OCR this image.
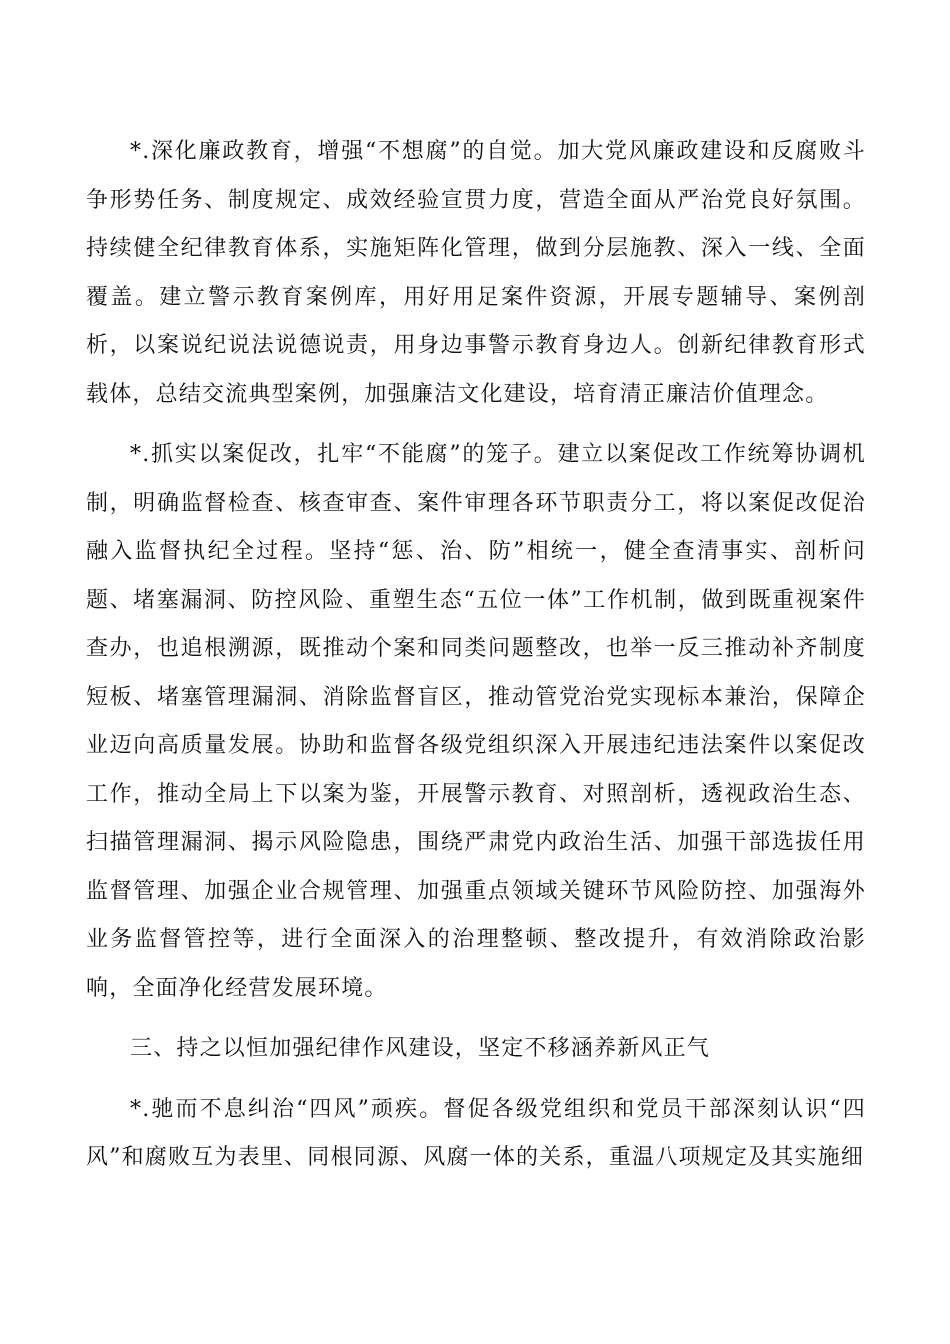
*.深化廉政教育，增强“不想腐”的自觉。加大党风廉政建设和反腐败斗争形势任务、制度规定、成效经验宣贯力度，营造全面从严治党良好氛围。持续健全纪律教育体系，实施矩阵化管理，做到分层施教、深入一线、全面覆盖。建立警示教育案例库，用好用足案件资源，开展专题辅导、案例剖析，以案说纪说法说德说责，用身边事警示教育身边人。创新纪律教育形式载体，总结交流典型案例，加强廉洁文化建设，培育清正廉洁价值理念。

*.抓实以案促改，扎牢“不能腐”的笼子。建立以案促改工作统筹协调机制，明确监督检查、核查审查、案件审理各环节职责分工，将以案促改促治融入监督执纪全过程。坚持“惩、治、防”相统一，健全查清事实、剖析问题、堵塞漏洞、防控风险、重塑生态“五位一体”工作机制，做到既重视案件查办，也追根溯源，既推动个案和同类问题整改，也举一反三推动补齐制度短板、堵塞管理漏洞、消除监督盲区，推动管党治党实现标本兼治，保障企业迈向高质量发展。协助和监督各级党组织深入开展违纪违法案件以案促改工作，推动全局上下以案为鉴，开展警示教育、对照剖析，透视政治生态、扫描管理漏洞、揭示风险隐患，围绕严肃党内政治生活、加强干部选拔任用监督管理、加强企业合规管理、加强重点领域关键环节风险防控、加强海外业务监督管控等，进行全面深入的治理整顿、整改提升，有效消除政治影响，全面净化经营发展环境。

三、持之以恒加强纪律作风建设，坚定不移涵养新风正气

*.驰而不息纠治“四风”顽疾。督促各级党组织和党员干部深刻认识“四风”和腐败互为表里、同根同源、风腐一体的关系，重温八项规定及其实施细
